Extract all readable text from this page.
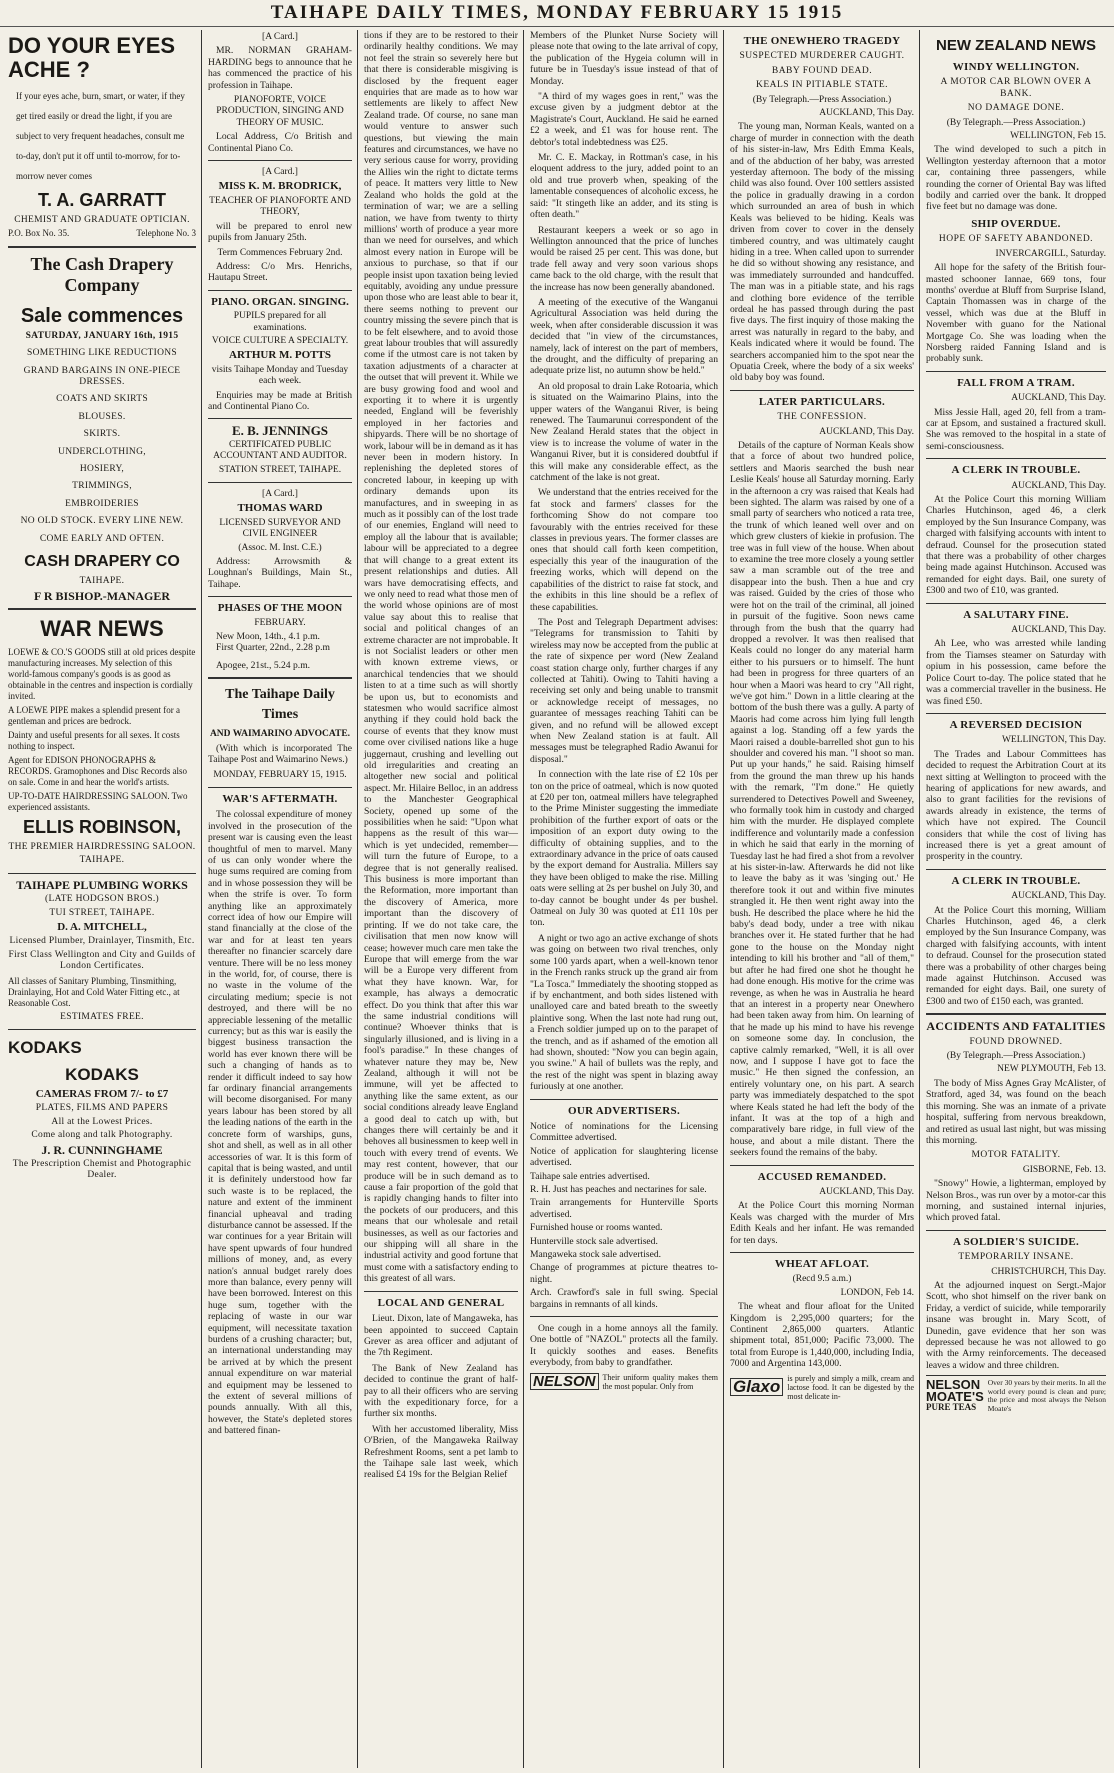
TAIHAPE DAILY TIMES, MONDAY FEBRUARY 15 1915
DO YOUR EYES ACHE ?
If your eyes ache, burn, smart, or water, if they get tired easily or dread the light, if you are subject to very frequent headaches, consult me to-day, don't put it off until to-morrow, for to-morrow never comes
T. A. GARRATT
CHEMIST AND GRADUATE OPTICIAN.
P.O. Box No. 35.	Telephone No. 3
The Cash Drapery Company
Sale commences
SATURDAY, JANUARY 16th, 1915
SOMETHING LIKE REDUCTIONS
GRAND BARGAINS IN ONE-PIECE DRESSES.
COATS AND SKIRTS
BLOUSES.
SKIRTS.
UNDERCLOTHING,
HOSIERY,
TRIMMINGS,
EMBROIDERIES
NO OLD STOCK. EVERY LINE NEW.
COME EARLY AND OFTEN.
CASH DRAPERY CO
TAIHAPE.
F R BISHOP.-MANAGER
WAR NEWS
LOEWE & CO.'S GOODS still at old prices despite manufacturing increases. My selection of this world-famous company's goods is as good as obtainable in the centres and inspection is cordially invited.
A LOEWE PIPE makes a splendid present for a gentleman and prices are bedrock.
Dainty and useful presents for all sexes. It costs nothing to inspect.
Agent for EDISON PHONOGRAPHS & RECORDS. Gramophones and Disc Records also on sale. Come in and hear the world's artists.
UP-TO-DATE HAIRDRESSING SALOON. Two experienced assistants.
ELLIS ROBINSON,
THE PREMIER HAIRDRESSING SALOON.
TAIHAPE.
TAIHAPE PLUMBING WORKS
(LATE HODGSON BROS.)
TUI STREET, TAIHAPE.
D. A. MITCHELL,
Licensed Plumber, Drainlayer, Tinsmith, Etc.
First Class Wellington and City and Guilds of London Certificates.
All classes of Sanitary Plumbing, Tinsmithing, Drainlaying, Hot and Cold Water Fitting etc., at Reasonable Cost.
ESTIMATES FREE.
KODAKS
KODAKS
CAMERAS FROM 7/- to £7
PLATES, FILMS AND PAPERS
All at the Lowest Prices.
Come along and talk Photography.
J. R. CUNNINGHAME
The Prescription Chemist and Photographic Dealer.
[A Card.]

MR. NORMAN GRAHAM-HARDING begs to announce that he has commenced the practice of his profession in Taihape.

PIANOFORTE, VOICE PRODUCTION, SINGING AND THEORY OF MUSIC.

Local Address, C/o British and Continental Piano Co.

[A Card.]
MISS K. M. BRODRICK,
TEACHER OF PIANOFORTE AND THEORY,

will be prepared to enrol new pupils from January 25th.

Term Commences February 2nd.

Address: C/o Mrs. Henrichs, Hautapu Street.

PIANO. ORGAN. SINGING.
PUPILS prepared for all examinations.
VOICE CULTURE A SPECIALTY.
ARTHUR M. POTTS
visits Taihape Monday and Tuesday each week.

Enquiries may be made at British and Continental Piano Co.

E. B. JENNINGS
CERTIFICATED PUBLIC ACCOUNTANT AND AUDITOR.
STATION STREET, TAIHAPE.
[A Card.]
THOMAS WARD
LICENSED SURVEYOR AND CIVIL ENGINEER
(Assoc. M. Inst. C.E.)

Address: Arrowsmith & Loughnan's Buildings, Main St., Taihape.

PHASES OF THE MOON
FEBRUARY.
New Moon, 14th., 4.1 p.m.
First Quarter, 22nd., 2.28 p.m
Apogee, 21st., 5.24 p.m.
The Taihape Daily Times
AND WAIMARINO ADVOCATE.

(With which is incorporated The Taihape Post and Waimarino News.)

MONDAY, FEBRUARY 15, 1915.
WAR'S AFTERMATH.

The colossal expenditure of money involved in the prosecution of the present war is causing even the least thoughtful of men to marvel. Many of us can only wonder where the huge sums required are coming from and in whose possession they will be when the strife is over. To form anything like an approximately correct idea of how our Empire will stand financially at the close of the war and for at least ten years thereafter no financier scarcely dare venture. There will be no less money in the world, for, of course, there is no waste in the volume of the circulating medium; specie is not destroyed, and there will be no appreciable lessening of the metallic currency; but as this war is easily the biggest business transaction the world has ever known there will be such a changing of hands as to render it difficult indeed to say how far ordinary financial arrangements will become disorganised. For many years labour has been stored by all the leading nations of the earth in the concrete form of warships, guns, shot and shell, as well as in all other accessories of war. It is this form of capital that is being wasted, and until it is definitely understood how far such waste is to be replaced, the nature and extent of the imminent financial upheaval and trading disturbance cannot be assessed. If the war continues for a year Britain will have spent upwards of four hundred millions of money, and, as every nation's annual budget rarely does more than balance, every penny will have been borrowed. Interest on this huge sum, together with the replacing of waste in our war equipment, will necessitate taxation burdens of a crushing character; but, an international understanding may be arrived at by which the present annual expenditure on war material and equipment may be lessened to the extent of several millions of pounds annually. With all this, however, the State's depleted stores and battered finan-

tions if they are to be restored to their ordinarily healthy conditions. We may not feel the strain so severely here but that there is considerable misgiving is disclosed by the frequent eager enquiries that are made as to how war settlements are likely to affect New Zealand trade. Of course, no sane man would venture to answer such questions, but viewing the main features and circumstances, we have no very serious cause for worry, providing the Allies win the right to dictate terms of peace. It matters very little to New Zealand who holds the gold at the termination of war; we are a selling nation, we have from twenty to thirty millions' worth of produce a year more than we need for ourselves, and which almost every nation in Europe will be anxious to purchase, so that if our people insist upon taxation being levied equitably, avoiding any undue pressure upon those who are least able to bear it, there seems nothing to prevent our country missing the severe pinch that is to be felt elsewhere, and to avoid those great labour troubles that will assuredly come if the utmost care is not taken by taxation adjustments of a character at the outset that will prevent it. While we are busy growing food and wool and exporting it to where it is urgently needed, England will be feverishly employed in her factories and shipyards. There will be no shortage of work, labour will be in demand as it has never been in modern history. In replenishing the depleted stores of concreted labour, in keeping up with ordinary demands upon its manufactures, and in sweeping in as much as it possibly can of the lost trade of our enemies, England will need to employ all the labour that is available; labour will be appreciated to a degree that will change to a great extent its present relationships and duties. All wars have democratising effects, and we only need to read what those men of the world whose opinions are of most value say about this to realise that social and political changes of an extreme character are not improbable. It is not Socialist leaders or other men with known extreme views, or anarchical tendencies that we should listen to at a time such as will shortly be upon us, but to economists and statesmen who would sacrifice almost anything if they could hold back the course of events that they know must come over civilised nations like a huge juggernaut, crushing and levelling out old irregularities and creating an altogether new social and political aspect. Mr. Hilaire Belloc, in an address to the Manchester Geographical Society, opened up some of the possibilities when he said: "Upon what happens as the result of this war—which is yet undecided, remember—will turn the future of Europe, to a degree that is not generally realised. This business is more important than the Reformation, more important than the discovery of America, more important than the discovery of printing. If we do not take care, the civilisation that men now know will cease; however much care men take the Europe that will emerge from the war will be a Europe very different from what they have known. War, for example, has always a democratic effect. Do you think that after this war the same industrial conditions will continue? Whoever thinks that is singularly illusioned, and is living in a fool's paradise." In these changes of whatever nature they may be, New Zealand, although it will not be immune, will yet be affected to anything like the same extent, as our social conditions already leave England a good deal to catch up with, but changes there will certainly be and it behoves all businessmen to keep well in touch with every trend of events. We may rest content, however, that our produce will be in such demand as to cause a fair proportion of the gold that is rapidly changing hands to filter into the pockets of our producers, and this means that our wholesale and retail businesses, as well as our factories and our shipping will all share in the industrial activity and good fortune that must come with a satisfactory ending to this greatest of all wars.

LOCAL AND GENERAL

Lieut. Dixon, late of Mangaweka, has been appointed to succeed Captain Grever as area officer and adjutant of the 7th Regiment.

The Bank of New Zealand has decided to continue the grant of half-pay to all their officers who are serving with the expeditionary force, for a further six months.

With her accustomed liberality, Miss O'Brien, of the Mangaweka Railway Refreshment Rooms, sent a pet lamb to the Taihape sale last week, which realised £4 19s for the Belgian Relief

Members of the Plunket Nurse Society will please note that owing to the late arrival of copy, the publication of the Hygeia column will in future be in Tuesday's issue instead of that of Monday.

"A third of my wages goes in rent," was the excuse given by a judgment debtor at the Magistrate's Court, Auckland. He said he earned £2 a week, and £1 was for house rent. The debtor's total indebtedness was £25.

Mr. C. E. Mackay, in Rottman's case, in his eloquent address to the jury, added point to an old and true proverb when, speaking of the lamentable consequences of alcoholic excess, he said: "It stingeth like an adder, and its sting is often death."

Restaurant keepers a week or so ago in Wellington announced that the price of lunches would be raised 25 per cent. This was done, but trade fell away and very soon various shops came back to the old charge, with the result that the increase has now been generally abandoned.

A meeting of the executive of the Wanganui Agricultural Association was held during the week, when after considerable discussion it was decided that "in view of the circumstances, namely, lack of interest on the part of members, the drought, and the difficulty of preparing an adequate prize list, no autumn show be held."

An old proposal to drain Lake Rotoaria, which is situated on the Waimarino Plains, into the upper waters of the Wanganui River, is being renewed. The Taumarunui correspondent of the New Zealand Herald states that the object in view is to increase the volume of water in the Wanganui River, but it is considered doubtful if this will make any considerable effect, as the catchment of the lake is not great.

We understand that the entries received for the fat stock and farmers' classes for the forthcoming Show do not compare too favourably with the entries received for these classes in previous years. The former classes are ones that should call forth keen competition, especially this year of the inauguration of the freezing works, which will depend on the capabilities of the district to raise fat stock, and the exhibits in this line should be a reflex of these capabilities.

The Post and Telegraph Department advises: "Telegrams for transmission to Tahiti by wireless may now be accepted from the public at the rate of sixpence per word (New Zealand coast station charge only, further charges if any collected at Tahiti). Owing to Tahiti having a receiving set only and being unable to transmit or acknowledge receipt of messages, no guarantee of messages reaching Tahiti can be given, and no refund will be allowed except when New Zealand station is at fault. All messages must be telegraphed Radio Awanui for disposal."

In connection with the late rise of £2 10s per ton on the price of oatmeal, which is now quoted at £20 per ton, oatmeal millers have telegraphed to the Prime Minister suggesting the immediate prohibition of the further export of oats or the imposition of an export duty owing to the difficulty of obtaining supplies, and to the extraordinary advance in the price of oats caused by the export demand for Australia. Millers say they have been obliged to make the rise. Milling oats were selling at 2s per bushel on July 30, and to-day cannot be bought under 4s per bushel. Oatmeal on July 30 was quoted at £11 10s per ton.

A night or two ago an active exchange of shots was going on between two rival trenches, only some 100 yards apart, when a well-known tenor in the French ranks struck up the grand air from "La Tosca." Immediately the shooting stopped as if by enchantment, and both sides listened with unalloyed care and bated breath to the sweetly plaintive song. When the last note had rung out, a French soldier jumped up on to the parapet of the trench, and as if ashamed of the emotion all had shown, shouted: "Now you can begin again, you swine." A hail of bullets was the reply, and the rest of the night was spent in blazing away furiously at one another.

OUR ADVERTISERS.
Notice of nominations for the Licensing Committee advertised.
Notice of application for slaughtering license advertised.
Taihape sale entries advertised.
R. H. Just has peaches and nectarines for sale.
Train arrangements for Hunterville Sports advertised.
Furnished house or rooms wanted.
Hunterville stock sale advertised.
Mangaweka stock sale advertised.
Change of programmes at picture theatres to-night.
Arch. Crawford's sale in full swing. Special bargains in remnants of all kinds.

One cough in a home annoys all the family. One bottle of "NAZOL" protects all the family. It quickly soothes and eases. Benefits everybody, from baby to grandfather.

NELSON Their uniform quality makes them the most popular. Only from
THE ONEWHERO TRAGEDY
SUSPECTED MURDERER CAUGHT.
BABY FOUND DEAD.
KEALS IN PITIABLE STATE.
(By Telegraph.—Press Association.)
AUCKLAND, This Day.

The young man, Norman Keals, wanted on a charge of murder in connection with the death of his sister-in-law, Mrs Edith Emma Keals, and of the abduction of her baby, was arrested yesterday afternoon. The body of the missing child was also found. Over 100 settlers assisted the police in gradually drawing in a cordon which surrounded an area of bush in which Keals was believed to be hiding. Keals was driven from cover to cover in the densely timbered country, and was ultimately caught hiding in a tree. When called upon to surrender he did so without showing any resistance, and was immediately surrounded and handcuffed. The man was in a pitiable state, and his rags and clothing bore evidence of the terrible ordeal he has passed through during the past five days. The first inquiry of those making the arrest was naturally in regard to the baby, and Keals indicated where it would be found. The searchers accompanied him to the spot near the Opuatia Creek, where the body of a six weeks' old baby boy was found.

LATER PARTICULARS.
THE CONFESSION.
AUCKLAND, This Day.

Details of the capture of Norman Keals show that a force of about two hundred police, settlers and Maoris searched the bush near Leslie Keals' house all Saturday morning. Early in the afternoon a cry was raised that Keals had been sighted. The alarm was raised by one of a small party of searchers who noticed a rata tree, the trunk of which leaned well over and on which grew clusters of kiekie in profusion. The tree was in full view of the house. When about to examine the tree more closely a young settler saw a man scramble out of the tree and disappear into the bush. Then a hue and cry was raised. Guided by the cries of those who were hot on the trail of the criminal, all joined in pursuit of the fugitive. Soon news came through from the bush that the quarry had dropped a revolver. It was then realised that Keals could no longer do any material harm either to his pursuers or to himself. The hunt had been in progress for three quarters of an hour when a Maori was heard to cry "All right, we've got him." Down in a little clearing at the bottom of the bush there was a gully. A party of Maoris had come across him lying full length against a log. Standing off a few yards the Maori raised a double-barrelled shot gun to his shoulder and covered his man. "I shoot so man. Put up your hands," he said. Raising himself from the ground the man threw up his hands with the remark, "I'm done." He quietly surrendered to Detectives Powell and Sweeney, who formally took him in custody and charged him with the murder. He displayed complete indifference and voluntarily made a confession in which he said that early in the morning of Tuesday last he had fired a shot from a revolver at his sister-in-law. Afterwards he did not like to leave the baby as it was 'singing out.' He therefore took it out and within five minutes strangled it. He then went right away into the bush. He described the place where he hid the baby's dead body, under a tree with nikau branches over it. He stated further that he had gone to the house on the Monday night intending to kill his brother and "all of them," but after he had fired one shot he thought he had done enough. His motive for the crime was revenge, as when he was in Australia he heard that an interest in a property near Onewhero had been taken away from him. On learning of that he made up his mind to have his revenge on someone some day. In conclusion, the captive calmly remarked, "Well, it is all over now, and I suppose I have got to face the music." He then signed the confession, an entirely voluntary one, on his part. A search party was immediately despatched to the spot where Keals stated he had left the body of the infant. It was at the top of a high and comparatively bare ridge, in full view of the house, and about a mile distant. There the seekers found the remains of the baby.

ACCUSED REMANDED.
AUCKLAND, This Day.

At the Police Court this morning Norman Keals was charged with the murder of Mrs Edith Keals and her infant. He was remanded for ten days.

WHEAT AFLOAT.
(Recd 9.5 a.m.)
LONDON, Feb 14.

The wheat and flour afloat for the United Kingdom is 2,295,000 quarters; for the Continent 2,865,000 quarters. Atlantic shipment total, 851,000; Pacific 73,000. The total from Europe is 1,440,000, including India, 7000 and Argentina 143,000.

Glaxo is purely and simply a milk, cream and lactose food. It can be digested by the most delicate in-
NEW ZEALAND NEWS
WINDY WELLINGTON.
A MOTOR CAR BLOWN OVER A BANK.
NO DAMAGE DONE.
(By Telegraph.—Press Association.)
WELLINGTON, Feb 15.

The wind developed to such a pitch in Wellington yesterday afternoon that a motor car, containing three passengers, while rounding the corner of Oriental Bay was lifted bodily and carried over the bank. It dropped five feet but no damage was done.

SHIP OVERDUE.
HOPE OF SAFETY ABANDONED.
INVERCARGILL, Saturday.

All hope for the safety of the British four-masted schooner Iannae, 669 tons, four months' overdue at Bluff from Surprise Island, Captain Thomassen was in charge of the vessel, which was due at the Bluff in November with guano for the National Mortgage Co. She was loading when the Norsberg raided Fanning Island and is probably sunk.

FALL FROM A TRAM.
AUCKLAND, This Day.

Miss Jessie Hall, aged 20, fell from a tram-car at Epsom, and sustained a fractured skull. She was removed to the hospital in a state of semi-consciousness.

A CLERK IN TROUBLE.
AUCKLAND, This Day.

At the Police Court this morning William Charles Hutchinson, aged 46, a clerk employed by the Sun Insurance Company, was charged with falsifying accounts with intent to defraud. Counsel for the prosecution stated that there was a probability of other charges being made against Hutchinson. Accused was remanded for eight days. Bail, one surety of £300 and two of £10, was granted.

A SALUTARY FINE.
AUCKLAND, This Day.

Ah Lee, who was arrested while landing from the Tiamses steamer on Saturday with opium in his possession, came before the Police Court to-day. The police stated that he was a commercial traveller in the business. He was fined £50.

A REVERSED DECISION
WELLINGTON, This Day.

The Trades and Labour Committees has decided to request the Arbitration Court at its next sitting at Wellington to proceed with the hearing of applications for new awards, and also to grant facilities for the revisions of awards already in existence, the terms of which have not expired. The Council considers that while the cost of living has increased there is yet a great amount of prosperity in the country.

A CLERK IN TROUBLE.
AUCKLAND, This Day.

At the Police Court this morning, William Charles Hutchinson, aged 46, a clerk employed by the Sun Insurance Company, was charged with falsifying accounts, with intent to defraud. Counsel for the prosecution stated there was a probability of other charges being made against Hutchinson. Accused was remanded for eight days. Bail, one surety of £300 and two of £150 each, was granted.

ACCIDENTS AND FATALITIES
FOUND DROWNED.
(By Telegraph.—Press Association.)
NEW PLYMOUTH, Feb 13.

The body of Miss Agnes Gray McAlister, of Stratford, aged 34, was found on the beach this morning. She was an inmate of a private hospital, suffering from nervous breakdown, and retired as usual last night, but was missing this morning.

MOTOR FATALITY.
GISBORNE, Feb. 13.

"Snowy" Howie, a lighterman, employed by Nelson Bros., was run over by a motor-car this morning, and sustained internal injuries, which proved fatal.

A SOLDIER'S SUICIDE.
TEMPORARILY INSANE.
CHRISTCHURCH, This Day.

At the adjourned inquest on Sergt.-Major Scott, who shot himself on the river bank on Friday, a verdict of suicide, while temporarily insane was brought in. Mary Scott, of Dunedin, gave evidence that her son was depressed because he was not allowed to go with the Army reinforcements. The deceased leaves a widow and three children.

NELSON MOATE'S
PURE TEAS
Over 30 years by their merits. In all the world every pound is clean and pure; the price and most always the Nelson Moate's
